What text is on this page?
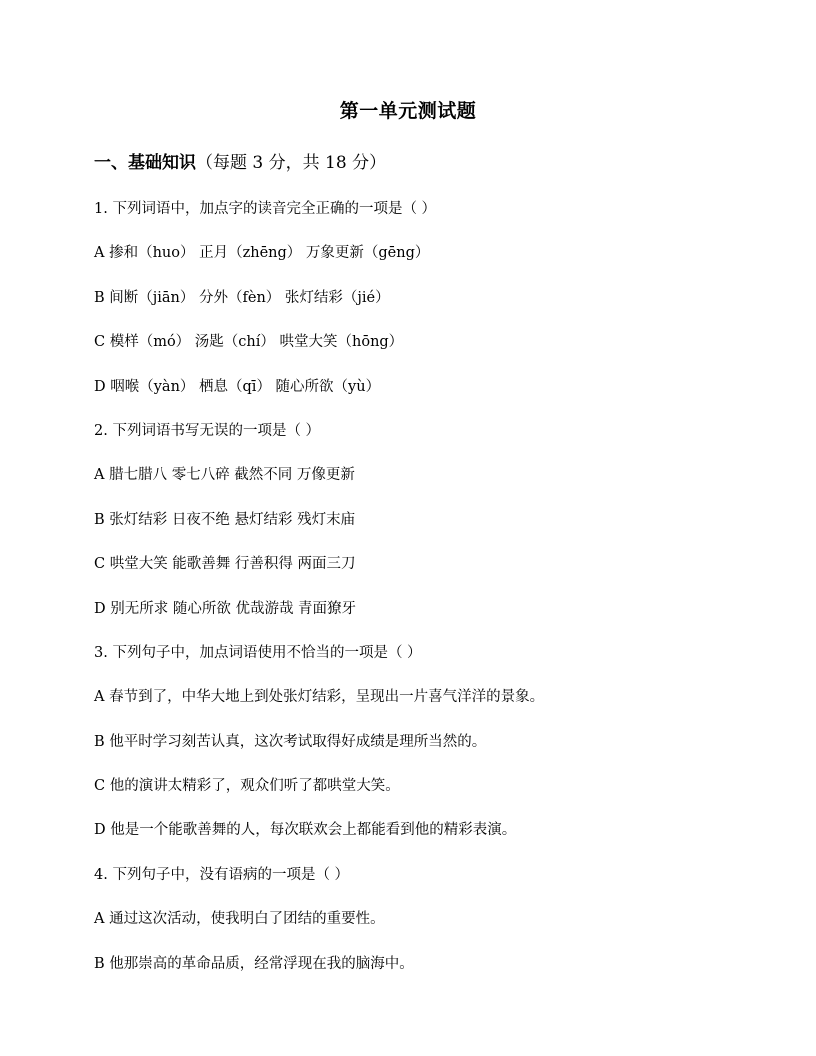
第一单元测试题
一、基础知识（每题 3 分，共 18 分）
1. 下列词语中，加点字的读音完全正确的一项是（ ）
A 掺和（huo） 正月（zhēng） 万象更新（gēng）
B 间断（jiān） 分外（fèn） 张灯结彩（jié）
C 模样（mó） 汤匙（chí） 哄堂大笑（hōng）
D 咽喉（yàn） 栖息（qī） 随心所欲（yù）
2. 下列词语书写无误的一项是（ ）
A 腊七腊八 零七八碎 截然不同 万像更新
B 张灯结彩 日夜不绝 悬灯结彩 残灯末庙
C 哄堂大笑 能歌善舞 行善积得 两面三刀
D 别无所求 随心所欲 优哉游哉 青面獠牙
3. 下列句子中，加点词语使用不恰当的一项是（ ）
A 春节到了，中华大地上到处张灯结彩，呈现出一片喜气洋洋的景象。
B 他平时学习刻苦认真，这次考试取得好成绩是理所当然的。
C 他的演讲太精彩了，观众们听了都哄堂大笑。
D 他是一个能歌善舞的人，每次联欢会上都能看到他的精彩表演。
4. 下列句子中，没有语病的一项是（ ）
A 通过这次活动，使我明白了团结的重要性。
B 他那崇高的革命品质，经常浮现在我的脑海中。
